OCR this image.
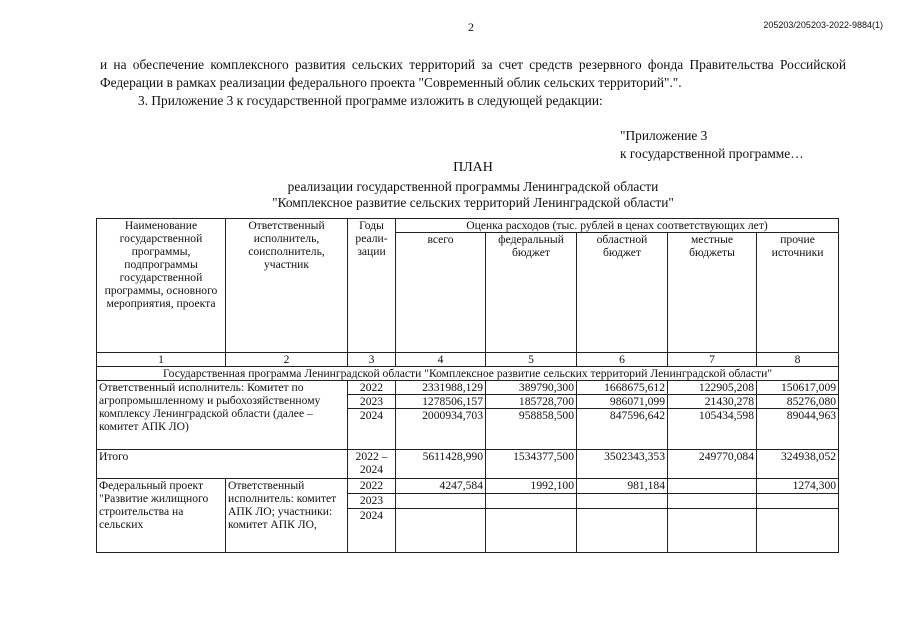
2	205203/205203-2022-9884(1)
и на обеспечение комплексного развития сельских территорий за счет средств резервного фонда Правительства Российской Федерации в рамках реализации федерального проекта "Современный облик сельских территорий".".
3. Приложение 3 к государственной программе изложить в следующей редакции:
"Приложение 3
к государственной программе…
ПЛАН
реализации государственной программы Ленинградской области
"Комплексное развитие сельских территорий Ленинградской области"
Наименование государственной программы, подпрограммы государственной программы, основного мероприятия, проекта	Ответственный исполнитель, соисполнитель, участник	Годы реали-зации	Оценка расходов (тыс. рублей в ценах соответствующих лет)				
			всего	федеральный бюджет	областной бюджет	местные бюджеты	прочие источники
1	2	3	4	5	6	7	8
Государственная программа Ленинградской области "Комплексное развитие сельских территорий Ленинградской области"							
Ответственный исполнитель: Комитет по агропромышленному и рыбохозяйственному комплексу Ленинградской области (далее – комитет АПК ЛО)		2022	2331988,129	389790,300	1668675,612	122905,208	150617,009
		2023	1278506,157	185728,700	986071,099	21430,278	85276,080
		2024	2000934,703	958858,500	847596,642	105434,598	89044,963
Итого		2022 – 2024	5611428,990	1534377,500	3502343,353	249770,084	324938,052
Федеральный проект "Развитие жилищного строительства на сельских	Ответственный исполнитель: комитет АПК ЛО; участники: комитет АПК ЛО,	2022	4247,584	1992,100	981,184		1274,300
		2023					
		2024					
